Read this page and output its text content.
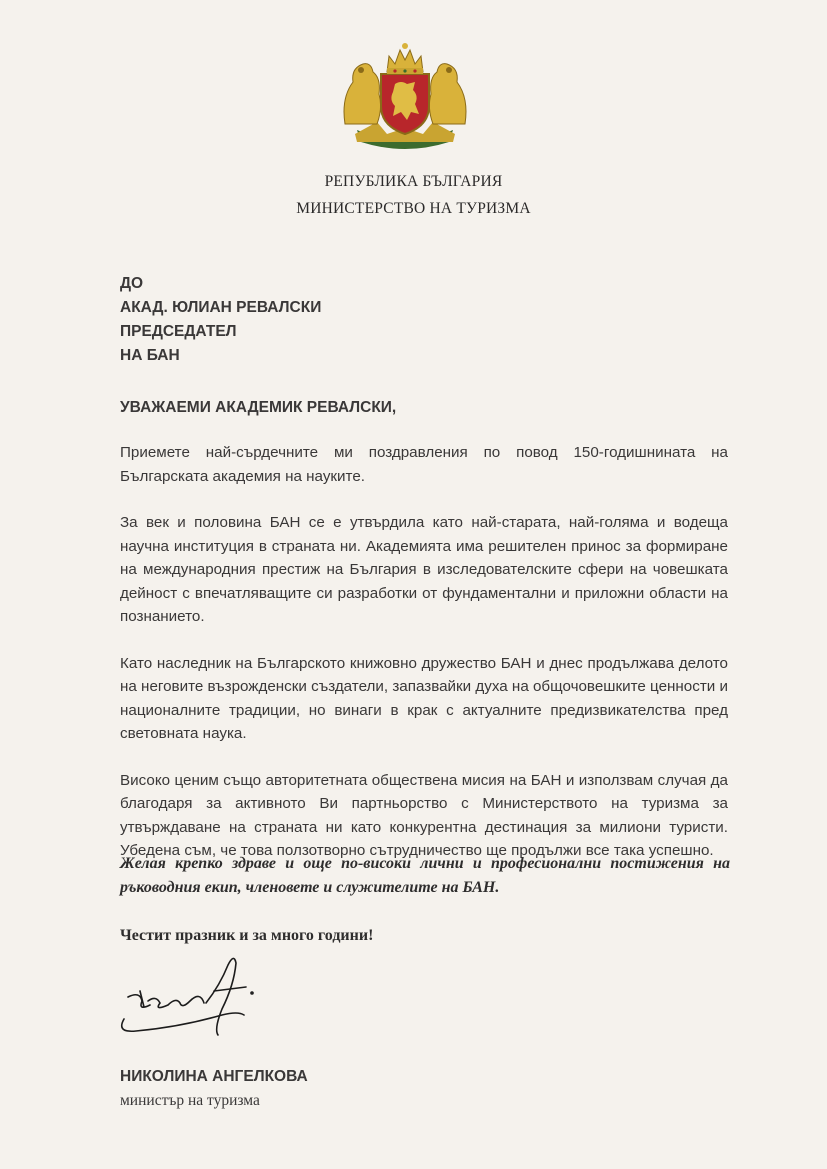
РЕПУБЛИКА БЪЛГАРИЯ
МИНИСТЕРСТВО НА ТУРИЗМА
ДО
АКАД. ЮЛИАН РЕВАЛСКИ
ПРЕДСЕДАТЕЛ
НА БАН
УВАЖАЕМИ АКАДЕМИК РЕВАЛСКИ,

Приемете най-сърдечните ми поздравления по повод 150-годишнината на Българската академия на науките.

За век и половина БАН се е утвърдила като най-старата, най-голяма и водеща научна институция в страната ни. Академията има решителен принос за формиране на международния престиж на България в изследователските сфери на човешката дейност с впечатляващите си разработки от фундаментални и приложни области на познанието.

Като наследник на Българското книжовно дружество БАН и днес продължава делото на неговите възрожденски създатели, запазвайки духа на общочовешките ценности и националните традиции, но винаги в крак с актуалните предизвикателства пред световната наука.

Високо ценим също авторитетната обществена мисия на БАН и използвам случая да благодаря за активното Ви партньорство с Министерството на туризма за утвърждаване на страната ни като конкурентна дестинация за милиони туристи. Убедена съм, че това ползотворно сътрудничество ще продължи все така успешно.

Желая крепко здраве и още по-високи лични и професионални постижения на ръководния екип, членовете и служителите на БАН.

Честит празник и за много години!

НИКОЛИНА АНГЕЛКОВА
министър на туризма
